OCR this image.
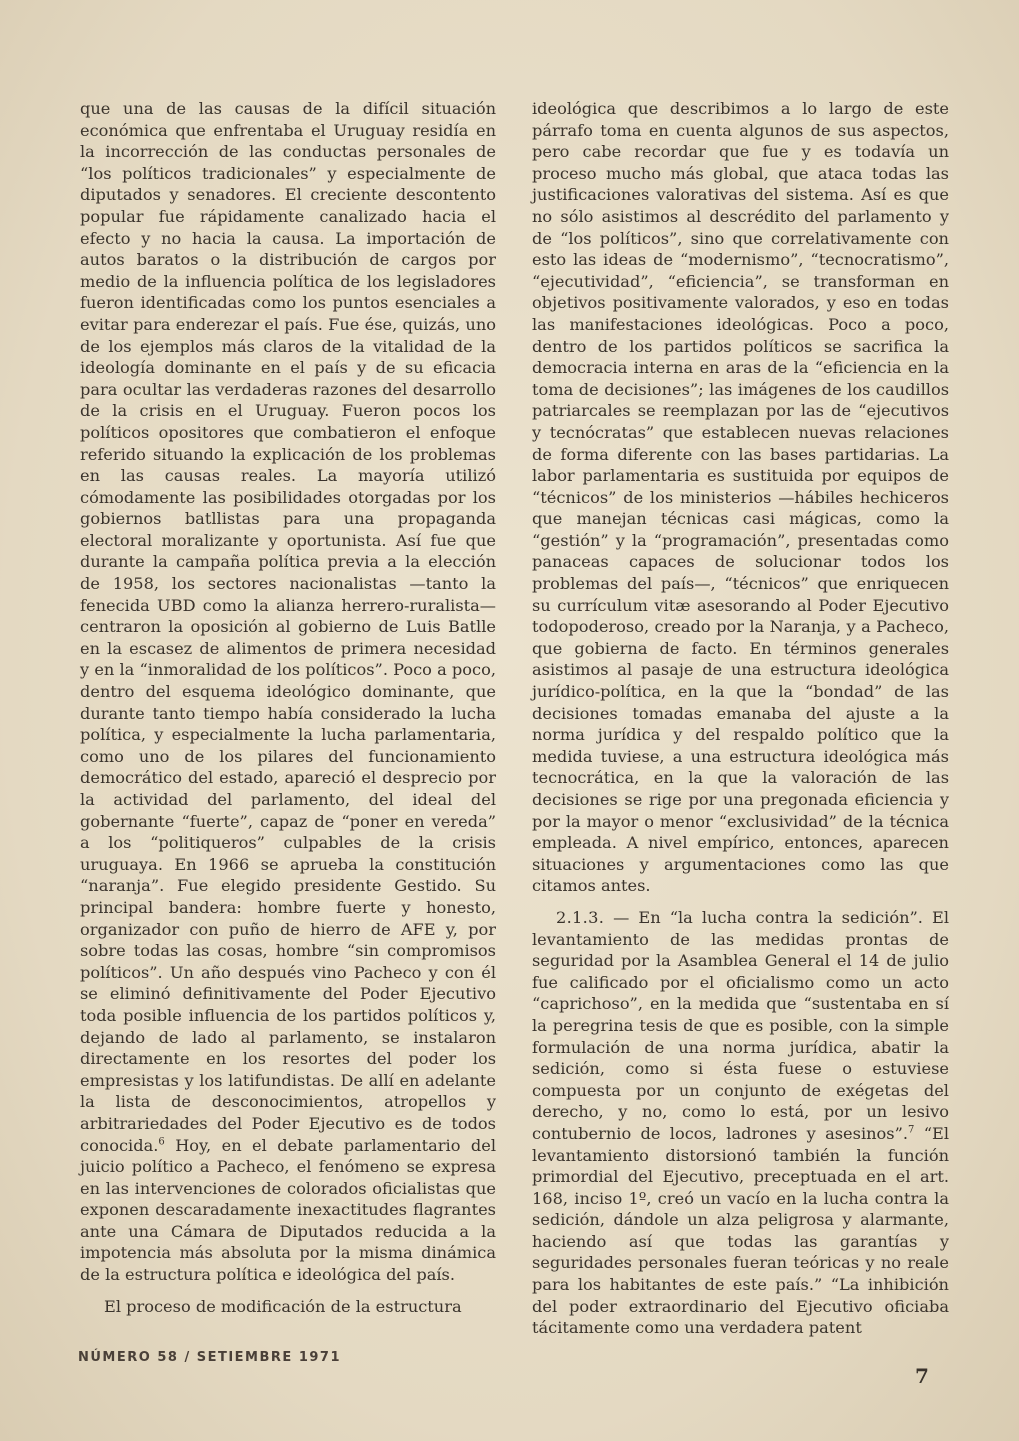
que una de las causas de la difícil situación económica que enfrentaba el Uruguay residía en la incorrección de las conductas personales de “los políticos tradicionales” y especialmente de diputados y senadores. El creciente descontento popular fue rápidamente canalizado hacia el efecto y no hacia la causa. La importación de autos baratos o la distribución de cargos por medio de la influencia política de los legisladores fueron identificadas como los puntos esenciales a evitar para enderezar el país. Fue ése, quizás, uno de los ejemplos más claros de la vitalidad de la ideología dominante en el país y de su eficacia para ocultar las verdaderas razones del desarrollo de la crisis en el Uruguay. Fueron pocos los políticos opositores que combatieron el enfoque referido situando la explicación de los problemas en las causas reales. La mayoría utilizó cómodamente las posibilidades otorgadas por los gobiernos batllistas para una propaganda electoral moralizante y oportunista. Así fue que durante la campaña política previa a la elección de 1958, los sectores nacionalistas —tanto la fenecida UBD como la alianza herrero-ruralista— centraron la oposición al gobierno de Luis Batlle en la escasez de alimentos de primera necesidad y en la “inmoralidad de los políticos”. Poco a poco, dentro del esquema ideológico dominante, que durante tanto tiempo había considerado la lucha política, y especialmente la lucha parlamentaria, como uno de los pilares del funcionamiento democrático del estado, apareció el desprecio por la actividad del parlamento, del ideal del gobernante “fuerte”, capaz de “poner en vereda” a los “politiqueros” culpables de la crisis uruguaya. En 1966 se aprueba la constitución “naranja”. Fue elegido presidente Gestido. Su principal bandera: hombre fuerte y honesto, organizador con puño de hierro de AFE y, por sobre todas las cosas, hombre “sin compromisos políticos”. Un año después vino Pacheco y con él se eliminó definitivamente del Poder Ejecutivo toda posible influencia de los partidos políticos y, dejando de lado al parlamento, se instalaron directamente en los resortes del poder los empresistas y los latifundistas. De allí en adelante la lista de desconocimientos, atropellos y arbitrariedades del Poder Ejecutivo es de todos conocida.$^6$ Hoy, en el debate parlamentario del juicio político a Pacheco, el fenómeno se expresa en las intervenciones de colorados oficialistas que exponen descaradamente inexactitudes flagrantes ante una Cámara de Diputados reducida a la impotencia más absoluta por la misma dinámica de la estructura política e ideológica del país.

El proceso de modificación de la estructura

ideológica que describimos a lo largo de este párrafo toma en cuenta algunos de sus aspectos, pero cabe recordar que fue y es todavía un proceso mucho más global, que ataca todas las justificaciones valorativas del sistema. Así es que no sólo asistimos al descrédito del parlamento y de “los políticos”, sino que correlativamente con esto las ideas de “modernismo”, “tecnocratismo”, “ejecutividad”, “eficiencia”, se transforman en objetivos positivamente valorados, y eso en todas las manifestaciones ideológicas. Poco a poco, dentro de los partidos políticos se sacrifica la democracia interna en aras de la “eficiencia en la toma de decisiones”; las imágenes de los caudillos patriarcales se reemplazan por las de “ejecutivos y tecnócratas” que establecen nuevas relaciones de forma diferente con las bases partidarias. La labor parlamentaria es sustituida por equipos de “técnicos” de los ministerios —hábiles hechiceros que manejan técnicas casi mágicas, como la “gestión” y la “programación”, presentadas como panaceas capaces de solucionar todos los problemas del país—, “técnicos” que enriquecen su currículum vitæ asesorando al Poder Ejecutivo todopoderoso, creado por la Naranja, y a Pacheco, que gobierna de facto. En términos generales asistimos al pasaje de una estructura ideológica jurídico-política, en la que la “bondad” de las decisiones tomadas emanaba del ajuste a la norma jurídica y del respaldo político que la medida tuviese, a una estructura ideológica más tecnocrática, en la que la valoración de las decisiones se rige por una pregonada eficiencia y por la mayor o menor “exclusividad” de la técnica empleada. A nivel empírico, entonces, aparecen situaciones y argumentaciones como las que citamos antes.

2.1.3. — En “la lucha contra la sedición”. El levantamiento de las medidas prontas de seguridad por la Asamblea General el 14 de julio fue calificado por el oficialismo como un acto “caprichoso”, en la medida que “sustentaba en sí la peregrina tesis de que es posible, con la simple formulación de una norma jurídica, abatir la sedición, como si ésta fuese o estuviese compuesta por un conjunto de exégetas del derecho, y no, como lo está, por un lesivo contubernio de locos, ladrones y asesinos”.$^7$ “El levantamiento distorsionó también la función primordial del Ejecutivo, preceptuada en el art. 168, inciso 1º, creó un vacío en la lucha contra la sedición, dándole un alza peligrosa y alarmante, haciendo así que todas las garantías y seguridades personales fueran teóricas y no reale para los habitantes de este país.” “La inhibición del poder extraordinario del Ejecutivo oficiaba tácitamente como una verdadera patent

NÚMERO 58 / SETIEMBRE 1971
7
